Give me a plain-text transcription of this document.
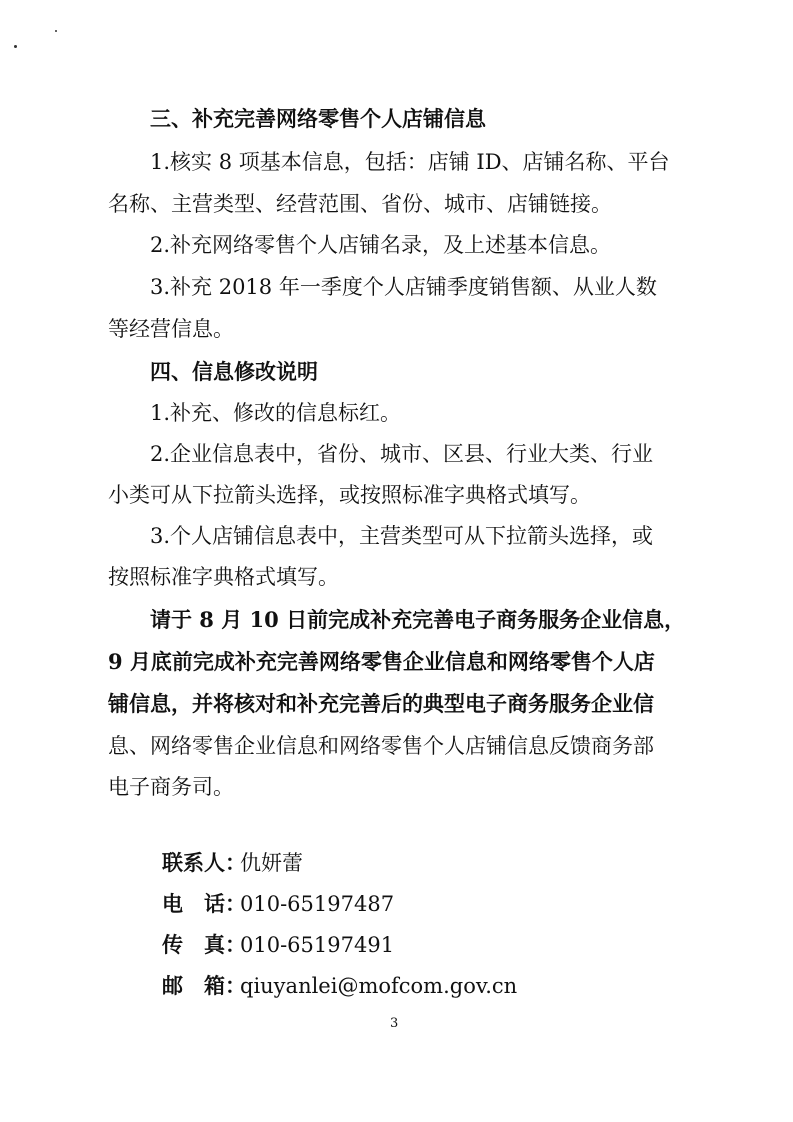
三、补充完善网络零售个人店铺信息
1.核实 8 项基本信息，包括：店铺 ID、店铺名称、平台
名称、主营类型、经营范围、省份、城市、店铺链接。
2.补充网络零售个人店铺名录，及上述基本信息。
3.补充 2018 年一季度个人店铺季度销售额、从业人数
等经营信息。
四、信息修改说明
1.补充、修改的信息标红。
2.企业信息表中，省份、城市、区县、行业大类、行业
小类可从下拉箭头选择，或按照标准字典格式填写。
3.个人店铺信息表中，主营类型可从下拉箭头选择，或
按照标准字典格式填写。
请于 8 月 10 日前完成补充完善电子商务服务企业信息，
9 月底前完成补充完善网络零售企业信息和网络零售个人店
铺信息，并将核对和补充完善后的典型电子商务服务企业信
息、网络零售企业信息和网络零售个人店铺信息反馈商务部
电子商务司。
联系人：仇妍蕾
电　话：010-65197487
传　真：010-65197491
邮　箱：qiuyanlei@mofcom.gov.cn
3
